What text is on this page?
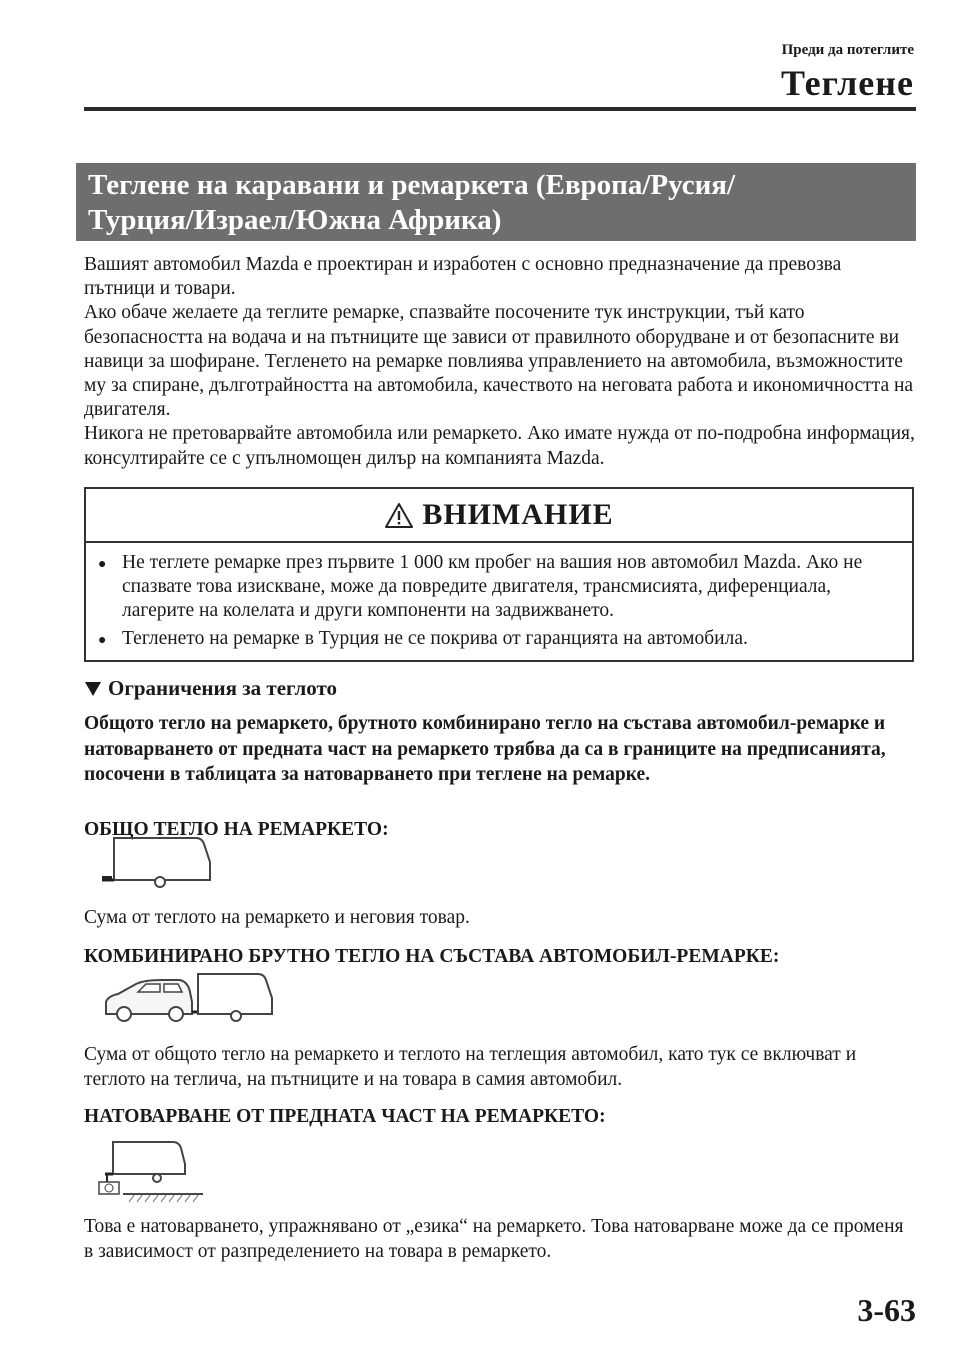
Преди да потеглите
Теглене
Теглене на каравани и ремаркета (Европа/Русия/
Турция/Израел/Южна Африка)

Вашият автомобил Mazda е проектиран и изработен с основно предназначение да превозва пътници и товари.

Ако обаче желаете да теглите ремарке, спазвайте посочените тук инструкции, тъй като безопасността на водача и на пътниците ще зависи от правилното оборудване и от безопасните ви навици за шофиране. Тегленето на ремарке повлиява управлението на автомобила, възможностите му за спиране, дълготрайността на автомобила, качеството на неговата работа и икономичността на двигателя.

Никога не претоварвайте автомобила или ремаркето. Ако имате нужда от по-подробна информация, консултирайте се с упълномощен дилър на компанията Mazda.

ВНИМАНИЕ
● Не теглете ремарке през първите 1 000 км пробег на вашия нов автомобил Mazda. Ако не спазвате това изискване, може да повредите двигателя, трансмисията, диференциала, лагерите на колелата и други компоненти на задвижването.
● Тегленето на ремарке в Турция не се покрива от гаранцията на автомобила.
Ограничения за теглото
Общото тегло на ремаркето, брутното комбинирано тегло на състава автомобил-ремарке и натоварването от предната част на ремаркето трябва да са в границите на предписанията, посочени в таблицата за натоварването при теглене на ремарке.
ОБЩО ТЕГЛО НА РЕМАРКЕТО:
Сума от теглото на ремаркето и неговия товар.
КОМБИНИРАНО БРУТНО ТЕГЛО НА СЪСТАВА АВТОМОБИЛ-РЕМАРКЕ:
Сума от общото тегло на ремаркето и теглото на теглещия автомобил, като тук се включват и теглото на теглича, на пътниците и на товара в самия автомобил.
НАТОВАРВАНЕ ОТ ПРЕДНАТА ЧАСТ НА РЕМАРКЕТО:
Това е натоварването, упражнявано от „езика“ на ремаркето. Това натоварване може да се променя в зависимост от разпределението на товара в ремаркето.
3-63
